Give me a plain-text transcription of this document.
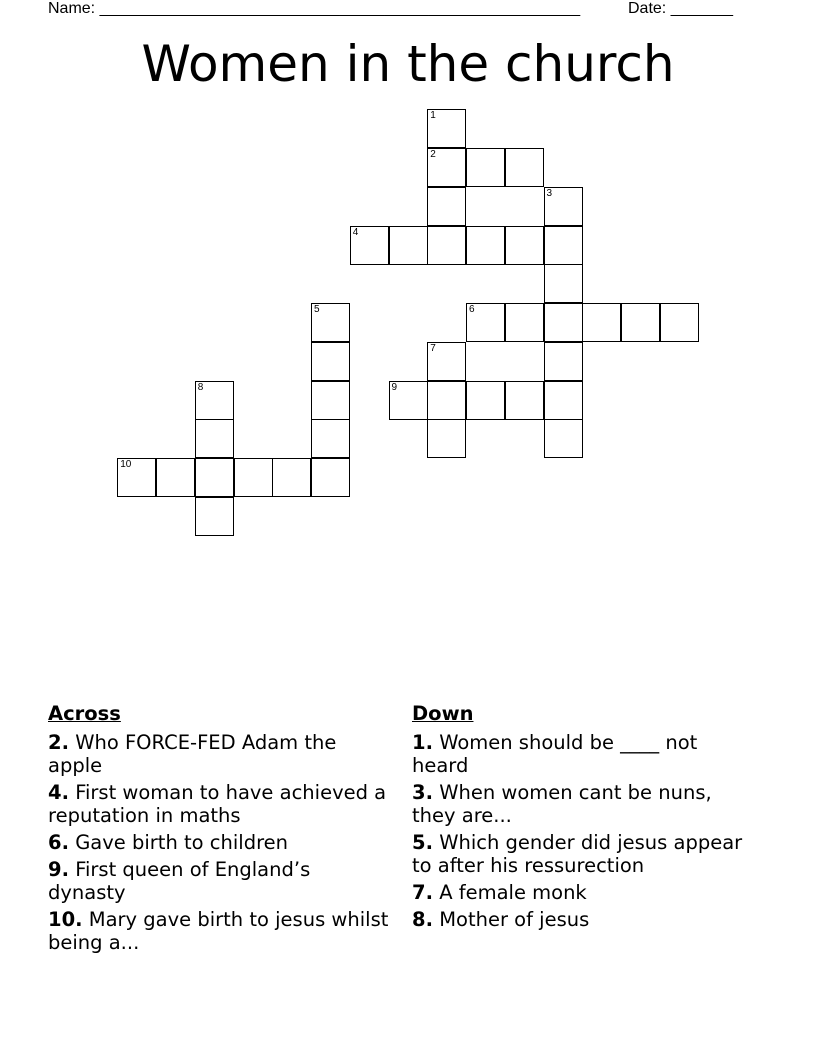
Name: ______________________________________________________	Date: _______
Women in the church
1
2
3
4
5	6
7
8	9
10
Across
2. Who FORCE-FED Adam the apple
4. First woman to have achieved a reputation in maths
6. Gave birth to children
9. First queen of England’s dynasty
10. Mary gave birth to jesus whilst being a...
Down
1. Women should be ____ not heard
3. When women cant be nuns, they are...
5. Which gender did jesus appear to after his ressurection
7. A female monk
8. Mother of jesus
